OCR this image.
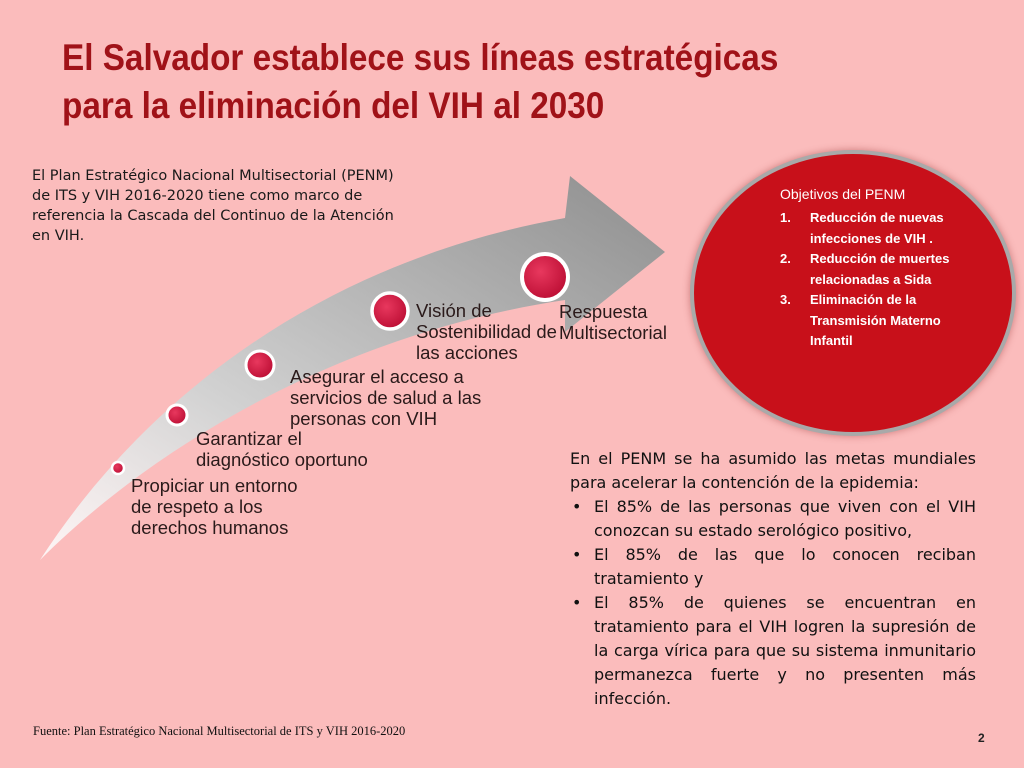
El Salvador establece sus líneas estratégicas
para la eliminación del VIH al 2030
El Plan Estratégico Nacional Multisectorial (PENM) de ITS y VIH 2016-2020 tiene como marco de referencia la Cascada del Continuo de la Atención en VIH.
Propiciar un entorno de respeto a los derechos humanos
Garantizar el diagnóstico oportuno
Asegurar el acceso a servicios de salud a las personas con VIH
Visión de Sostenibilidad de las acciones
Respuesta Multisectorial
Objetivos del PENM
1. Reducción de nuevas infecciones de VIH .
2. Reducción de muertes relacionadas a Sida
3. Eliminación de la Transmisión Materno Infantil
En el PENM se ha asumido las metas mundiales para acelerar la contención de la epidemia:
• El 85% de las personas que viven con el VIH conozcan su estado serológico positivo,
• El 85% de las que lo conocen reciban tratamiento y
• El 85% de quienes se encuentran en tratamiento para el VIH logren la supresión de la carga vírica para que su sistema inmunitario permanezca fuerte y no presenten más infección.
Fuente: Plan Estratégico Nacional Multisectorial de ITS y VIH 2016-2020	2
